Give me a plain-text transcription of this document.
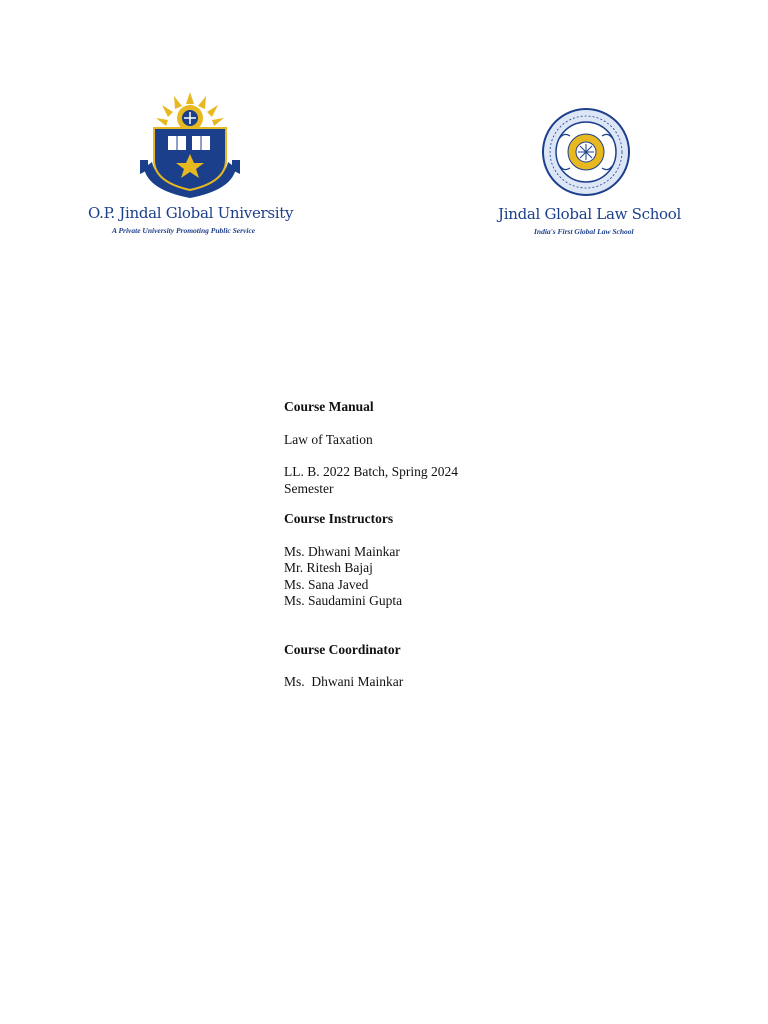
O.P. Jindal Global University
A Private University Promoting Public Service
Jindal Global Law School
India's First Global Law School

Course Manual

Law of Taxation

LL. B. 2022 Batch, Spring 2024

Semester

Course Instructors

Ms. Dhwani Mainkar

Mr. Ritesh Bajaj

Ms. Sana Javed

Ms. Saudamini Gupta

Course Coordinator

Ms.  Dhwani Mainkar
